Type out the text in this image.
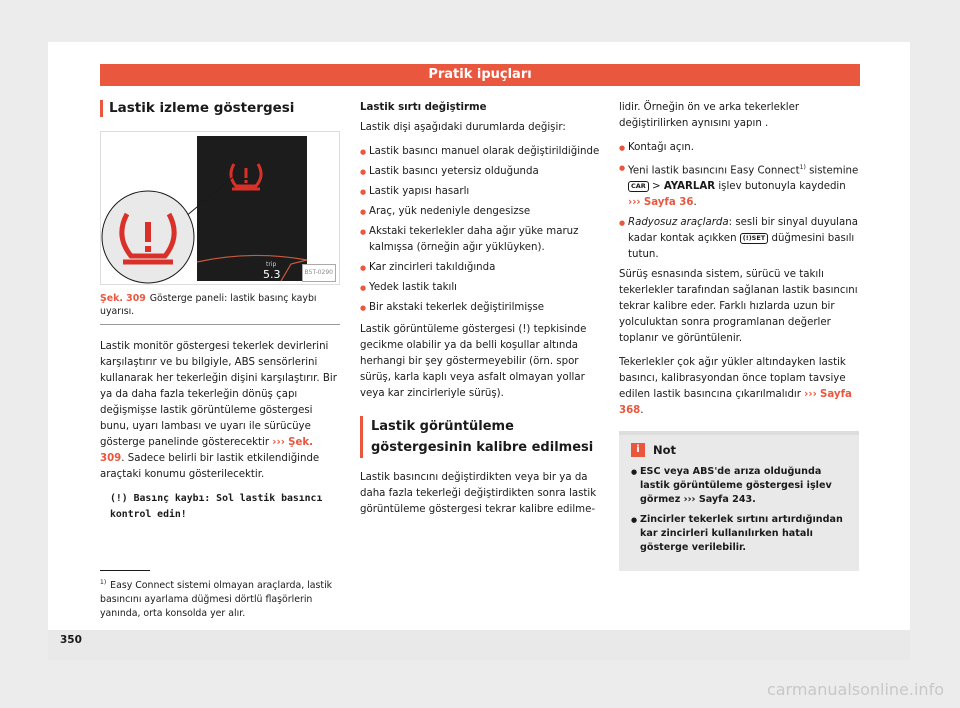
Pratik ipuçları
Lastik izleme göstergesi
trip
5.3	B5T-0290
Şek. 309 Gösterge paneli: lastik basınç kaybı uyarısı.

Lastik monitör göstergesi tekerlek devirlerini karşılaştırır ve bu bilgiyle, ABS sensörlerini kullanarak her tekerleğin dişini karşılaştırır. Bir ya da daha fazla tekerleğin dönüş çapı değişmişse lastik görüntüleme göstergesi bunu, uyarı lambası ve uyarı ile sürücüye gösterge panelinde gösterecektir ››› Şek. 309. Sadece belirli bir lastik etkilendiğinde araçtaki konumu gösterilecektir.

(!) Basınç kaybı: Sol lastik basıncı kontrol edin!

Lastik sırtı değiştirme

Lastik dişi aşağıdaki durumlarda değişir:

● Lastik basıncı manuel olarak değiştirildiğinde
● Lastik basıncı yetersiz olduğunda
● Lastik yapısı hasarlı
● Araç, yük nedeniyle dengesizse
● Akstaki tekerlekler daha ağır yüke maruz kalmışsa (örneğin ağır yüklüyken).
● Kar zincirleri takıldığında
● Yedek lastik takılı
● Bir akstaki tekerlek değiştirilmişse

Lastik görüntüleme göstergesi (!) tepkisinde gecikme olabilir ya da belli koşullar altında herhangi bir şey göstermeyebilir (örn. spor sürüş, karla kaplı veya asfalt olmayan yollar veya kar zincirleriyle sürüş).

Lastik görüntüleme göstergesinin kalibre edilmesi

Lastik basıncını değiştirdikten veya bir ya da daha fazla tekerleği değiştirdikten sonra lastik görüntüleme göstergesi tekrar kalibre edilme-

lidir. Örneğin ön ve arka tekerlekler değiştirilirken aynısını yapın .

● Kontağı açın.
● Yeni lastik basıncını Easy Connect$^{1)}$ sistemine CAR > AYARLAR işlev butonuyla kaydedin ››› Sayfa 36.
● Radyosuz araçlarda: sesli bir sinyal duyulana kadar kontak açıkken (!)SET düğmesini basılı tutun.

Sürüş esnasında sistem, sürücü ve takılı tekerlekler tarafından sağlanan lastik basıncını tekrar kalibre eder. Farklı hızlarda uzun bir yolculuktan sonra programlanan değerler toplanır ve görüntülenir.

Tekerlekler çok ağır yükler altındayken lastik basıncı, kalibrasyondan önce toplam tavsiye edilen lastik basıncına çıkarılmalıdır ››› Sayfa 368.

i	Not
● ESC veya ABS'de arıza olduğunda lastik görüntüleme göstergesi işlev görmez ››› Sayfa 243.
● Zincirler tekerlek sırtını artırdığından kar zincirleri kullanılırken hatalı gösterge verilebilir.
$^{1)}$ Easy Connect sistemi olmayan araçlarda, lastik basıncını ayarlama düğmesi dörtlü flaşörlerin yanında, orta konsolda yer alır.
350
carmanualsonline.info
